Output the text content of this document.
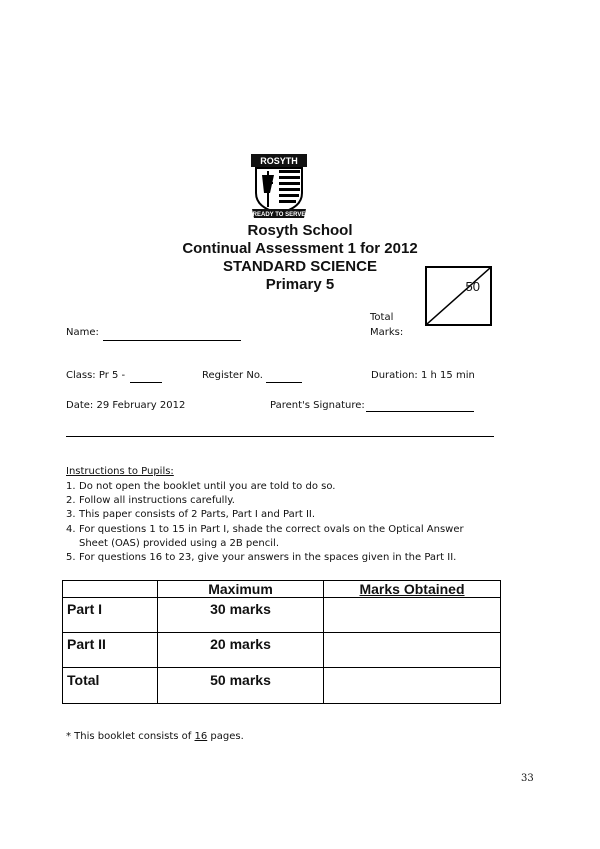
ROSYTH
READY TO SERVE
Rosyth School
Continual Assessment 1 for 2012
STANDARD SCIENCE
Primary 5
Total
Marks:
50
Name:
Class: Pr 5 -	Register No.	Duration: 1 h 15 min
Date: 29 February 2012	Parent's Signature:
Instructions to Pupils:
1. Do not open the booklet until you are told to do so.
2. Follow all instructions carefully.
3. This paper consists of 2 Parts, Part I and Part II.
4. For questions 1 to 15 in Part I, shade the correct ovals on the Optical Answer
Sheet (OAS) provided using a 2B pencil.
5. For questions 16 to 23, give your answers in the spaces given in the Part II.
	Maximum	Marks Obtained
Part I	30 marks	
Part II	20 marks	
Total	50 marks	
* This booklet consists of 16 pages.
33
